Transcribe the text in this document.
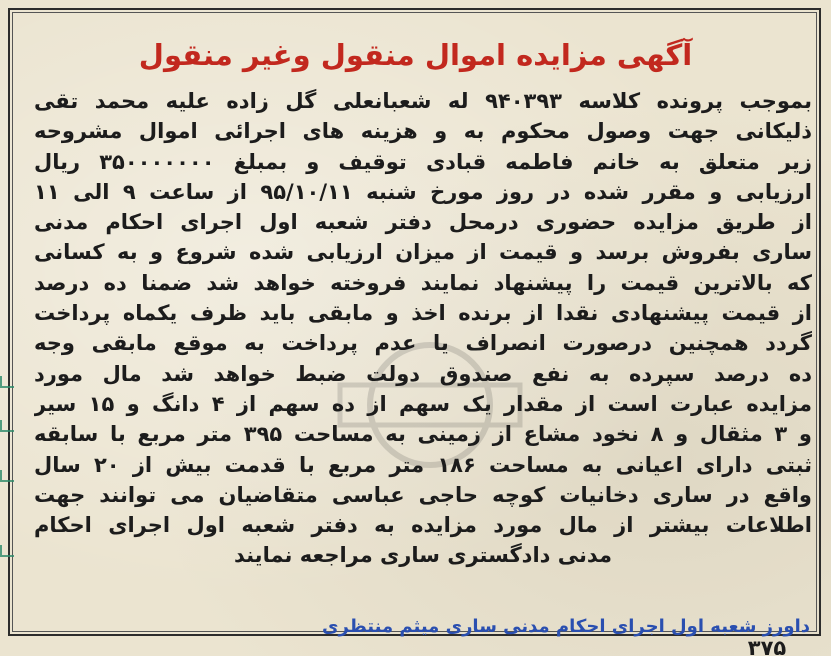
آگهی مزایده اموال منقول وغیر منقول
بموجب پرونده کلاسه ۹۴۰۳۹۳ له شعبانعلی گل زاده علیه محمد تقی
ذلیکانی جهت وصول محکوم به و هزینه های اجرائی اموال مشروحه
زیر متعلق به خانم فاطمه قبادی توقیف و بمبلغ ۳۵۰۰۰۰۰۰۰ ریال
ارزیابی و مقرر شده در روز مورخ شنبه ۹۵/۱۰/۱۱ از ساعت ۹ الی ۱۱
از طریق مزایده حضوری درمحل دفتر شعبه اول اجرای احکام مدنی
ساری بفروش برسد و قیمت از میزان ارزیابی شده شروع و به کسانی
که بالاترین قیمت را پیشنهاد نمایند فروخته خواهد شد ضمنا ده درصد
از قیمت پیشنهادی نقدا از برنده اخذ و مابقی باید ظرف یکماه پرداخت
گردد همچنین درصورت انصراف یا عدم پرداخت به موقع مابقی وجه
ده درصد سپرده به نفع صندوق دولت ضبط خواهد شد مال مورد
مزایده عبارت است از مقدار یک سهم از ده سهم از ۴ دانگ و ۱۵ سیر
و ۳ مثقال و ۸ نخود مشاع از زمینی به مساحت ۳۹۵ متر مربع با سابقه
ثبتی دارای اعیانی به مساحت ۱۸۶ متر مربع با قدمت بیش از ۲۰ سال
واقع در ساری دخانیات کوچه حاجی عباسی متقاضیان می توانند جهت
اطلاعات بیشتر از مال مورد مزایده به دفتر شعبه اول اجرای احکام
مدنی دادگستری ساری مراجعه نمایند
داورز شعبه اول اجرای احکام مدنی ساری میثم منتظری
۳۷۵
